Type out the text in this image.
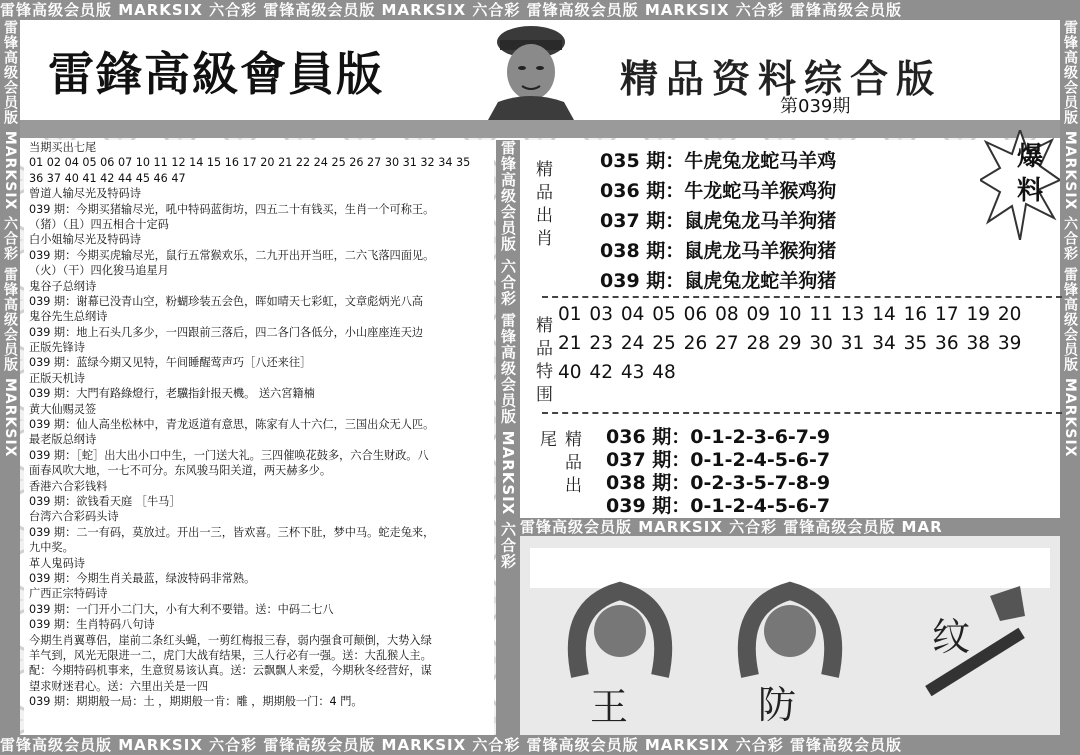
雷锋高级会员版 MARKSIX 六合彩 雷锋高级会员版 MARKSIX 六合彩 雷锋高级会员版 MARKSIX 六合彩 雷锋高级会员版
雷锋高级会员版 MARKSIX 六合彩 雷锋高级会员版 MARKSIX 六合彩 雷锋高级会员版 MARKSIX 六合彩 雷锋高级会员版
雷锋高级会员版 MARKSIX 六合彩 雷锋高级会员版 MARKSIX	雷锋高级会员版 MARKSIX 六合彩 雷锋高级会员版 MARKSIX
雷鋒高級會員版	精品资料综合版
第039期
当期买出七尾
01 02 04 05 06 07 10 11 12 14 15 16 17 20 21 22 24 25 26 27 30 31 32 34 35
36 37 40 41 42 44 45 46 47
曾道人输尽光及特码诗
039 期：今期买猪输尽光，吼中特码蓝街坊，四五二十有钱买，生肖一个可称王。
（猪）（且）四五相合十定码
白小姐输尽光及特码诗
039 期：今期买虎输尽光，鼠行五常猴欢乐，二九开出开当旺，二六飞落四面见。
（火）（干）四化狻马追星月
鬼谷子总纲诗
039 期：谢幕已没青山空，粉蝴珍装五会色，晖如晴天七彩虹，文章彪炳光八高
鬼谷先生总纲诗
039 期：地上石头几多少，一四跟前三落后，四二各门各低分，小山座座连天边
正版先锋诗
039 期：蓝绿今期又见特，午间睡醒莺声巧［八还来往］
正版天机诗
039 期：大門有路綠燈行，老驥指針报天機。 送六宮籍楠
黄大仙赐灵签
039 期：仙人高坐松林中，青龙返道有意思，陈家有人十六仁，三国出众无人匹。
最老版总纲诗
039 期：［蛇］出大出小口中生，一门送大礼。三四催唤花鼓多，六合生财政。八
面春风吹大地，一七不可分。东风骏马阳关道，两天赫多少。
香港六合彩钱料
039 期：欲钱看天庭 ［牛马］
台湾六合彩码头诗
039 期：二一有码，莫放过。开出一三，皆欢喜。三杯下肚，梦中马。蛇走兔来，
九中奖。
革人鬼码诗
039 期：今期生肖关最蓝，绿波特码非常熟。
广西正宗特码诗
039 期：一门开小二门大，小有大利不要错。送：中码二七八
039 期：生肖特码八句诗
今期生肖翼尊侣，崖前二条红头蝇，一剪红梅报三春，弱内强食可颠倒，大势入绿
羊气到，风光无限进一二，虎门大战有结果，三人行必有一强。送：大乱猴人主。
配：今期特码机事来，生意贸易该认真。送：云飘飘人来爱，今期秋冬经营好，谋
望求财迷君心。送：六里出关是一四
039 期：期期般一局：土 ，期期般一肯：雕 ，期期般一门：4 門。
雷锋高级会员版 六合彩 雷锋高级会员版 MARKSIX 六合彩 精品出肖	035 期：牛虎兔龙蛇马羊鸡
036 期：牛龙蛇马羊猴鸡狗
037 期：鼠虎兔龙马羊狗猪
038 期：鼠虎龙马羊猴狗猪
039 期：鼠虎兔龙蛇羊狗猪
精品特围
01 03 04 05 06 08 09 10 11 13 14 16 17 19 20 21 23 24 25 26 27 28 29 30 31 34 35 36 38 39 40 42 43 48
精品出尾	036 期：0-1-2-3-6-7-9
037 期：0-1-2-4-5-6-7
038 期：0-2-3-5-7-8-9
039 期：0-1-2-4-5-6-7
爆料
雷锋高级会员版 MARKSIX 六合彩 雷锋高级会员版 MAR
王	防
纹
